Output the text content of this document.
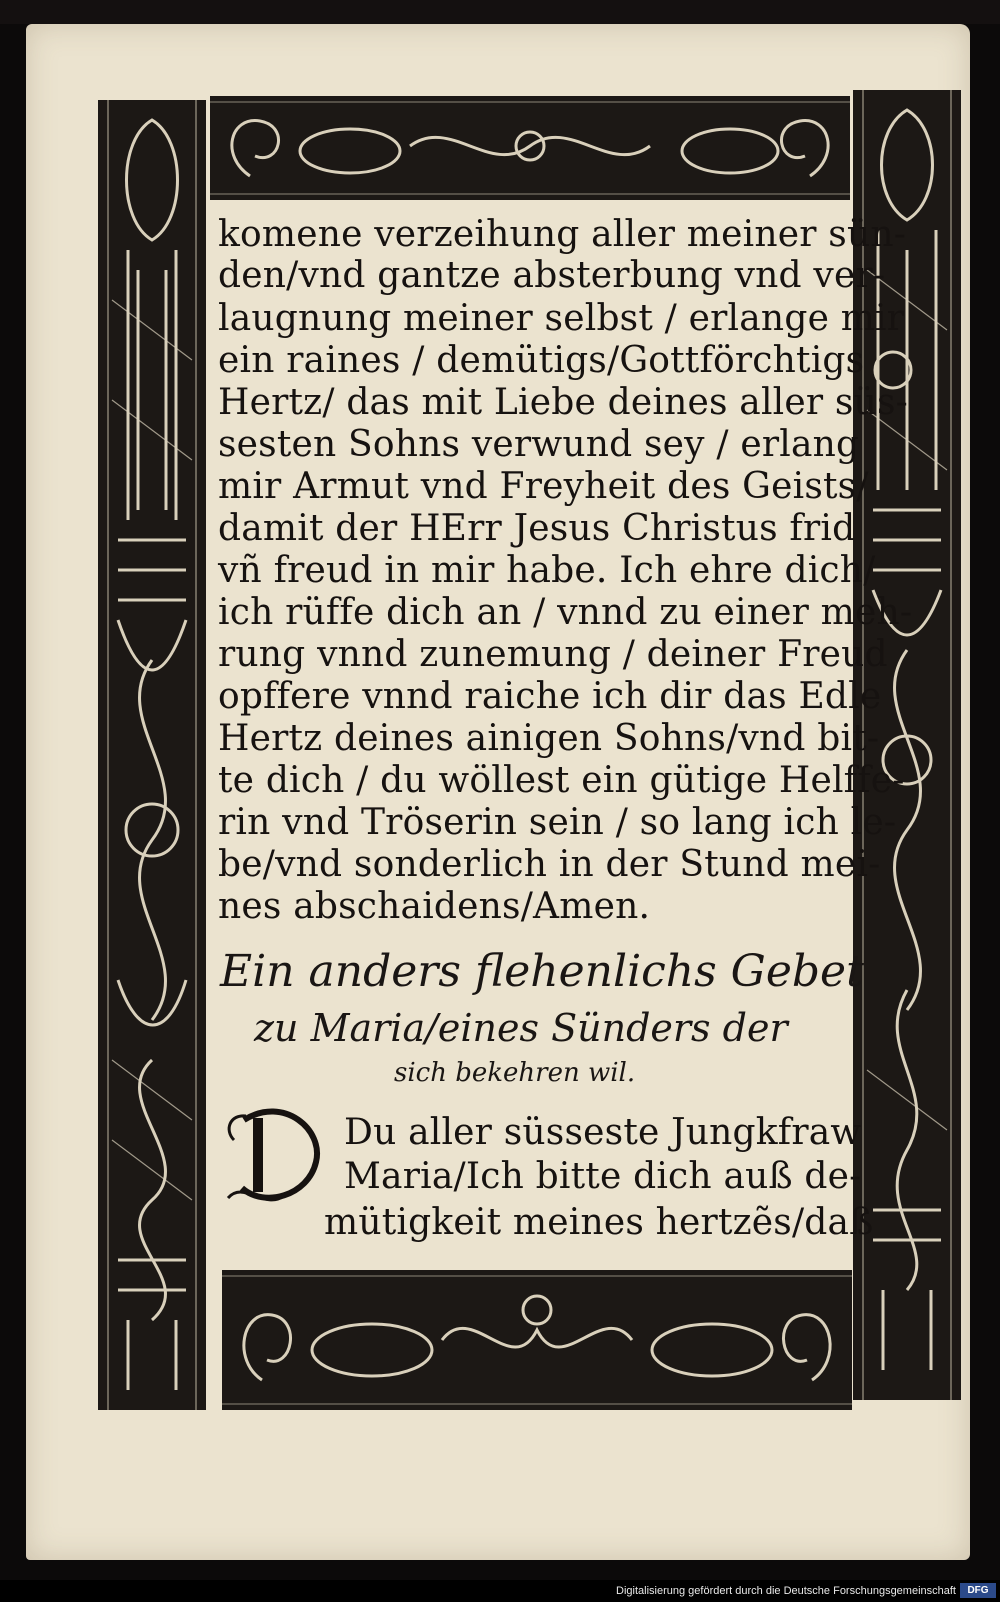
komene verzeihung aller meiner sün-
den/vnd gantze absterbung vnd ver-
laugnung meiner selbst / erlange mir
ein raines / demütigs/Gottförchtigs
Hertz/ das mit Liebe deines aller süs-
sesten Sohns verwund sey / erlang
mir Armut vnd Freyheit des Geists/
damit der HErr Jesus Christus frid
vñ freud in mir habe. Ich ehre dich/
ich rüffe dich an / vnnd zu einer meh-
rung vnnd zunemung / deiner Freud
opffere vnnd raiche ich dir das Edle
Hertz deines ainigen Sohns/vnd bit-
te dich / du wöllest ein gütige Helffe-
rin vnd Tröserin sein / so lang ich le-
be/vnd sonderlich in der Stund mei-
nes abschaidens/Amen.
Ein anders flehenlichs Gebet
zu Maria/eines Sünders der
sich bekehren wil.
O
Du aller süsseste Jungkfraw
Maria/Ich bitte dich auß de-
mütigkeit meines hertzẽs/daß
Digitalisierung gefördert durch die Deutsche Forschungsgemeinschaft	DFG
